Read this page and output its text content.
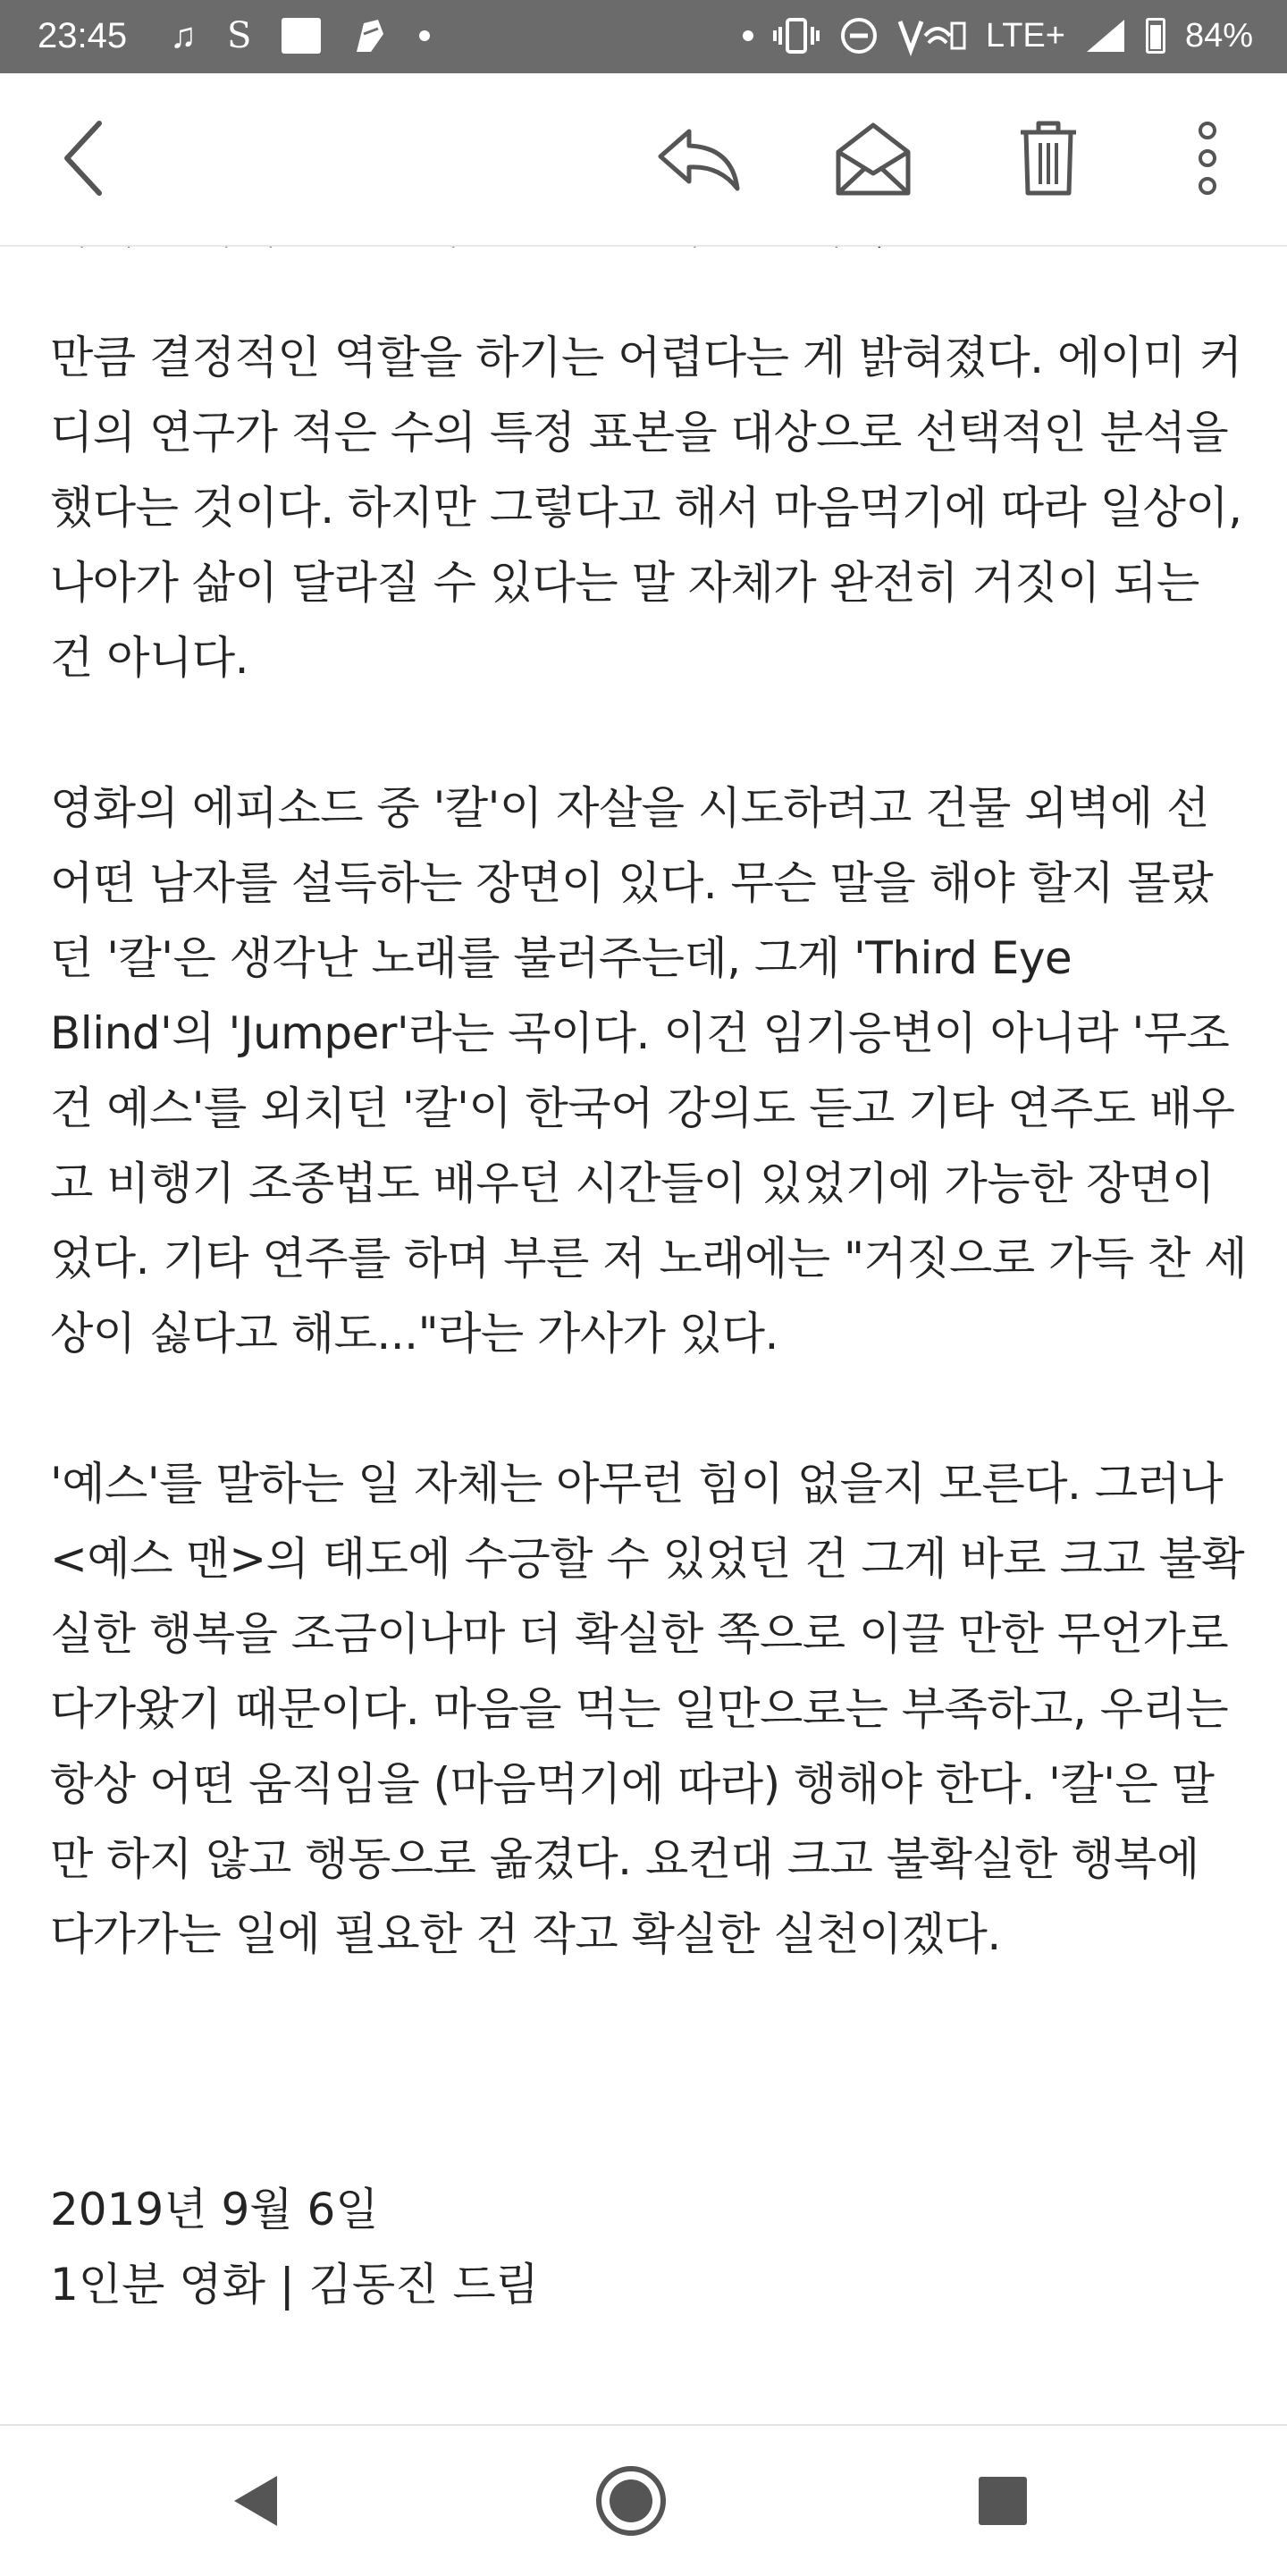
23:45 ♫ S	LTE+	84%

만큼 결정적인 역할을 하기는 어렵다는 게 밝혀졌다. 에이미 커디의 연구가 적은 수의 특정 표본을 대상으로 선택적인 분석을 했다는 것이다. 하지만 그렇다고 해서 마음먹기에 따라 일상이, 나아가 삶이 달라질 수 있다는 말 자체가 완전히 거짓이 되는 건 아니다.

영화의 에피소드 중 '칼'이 자살을 시도하려고 건물 외벽에 선 어떤 남자를 설득하는 장면이 있다. 무슨 말을 해야 할지 몰랐던 '칼'은 생각난 노래를 불러주는데, 그게 'Third Eye Blind'의 'Jumper'라는 곡이다. 이건 임기응변이 아니라 '무조건 예스'를 외치던 '칼'이 한국어 강의도 듣고 기타 연주도 배우고 비행기 조종법도 배우던 시간들이 있었기에 가능한 장면이었다. 기타 연주를 하며 부른 저 노래에는 "거짓으로 가득 찬 세상이 싫다고 해도..."라는 가사가 있다.

'예스'를 말하는 일 자체는 아무런 힘이 없을지 모른다. 그러나 <예스 맨>의 태도에 수긍할 수 있었던 건 그게 바로 크고 불확실한 행복을 조금이나마 더 확실한 쪽으로 이끌 만한 무언가로 다가왔기 때문이다. 마음을 먹는 일만으로는 부족하고, 우리는 항상 어떤 움직임을 (마음먹기에 따라) 행해야 한다. '칼'은 말만 하지 않고 행동으로 옮겼다. 요컨대 크고 불확실한 행복에 다가가는 일에 필요한 건 작고 확실한 실천이겠다.

2019년 9월 6일
1인분 영화 | 김동진 드림
